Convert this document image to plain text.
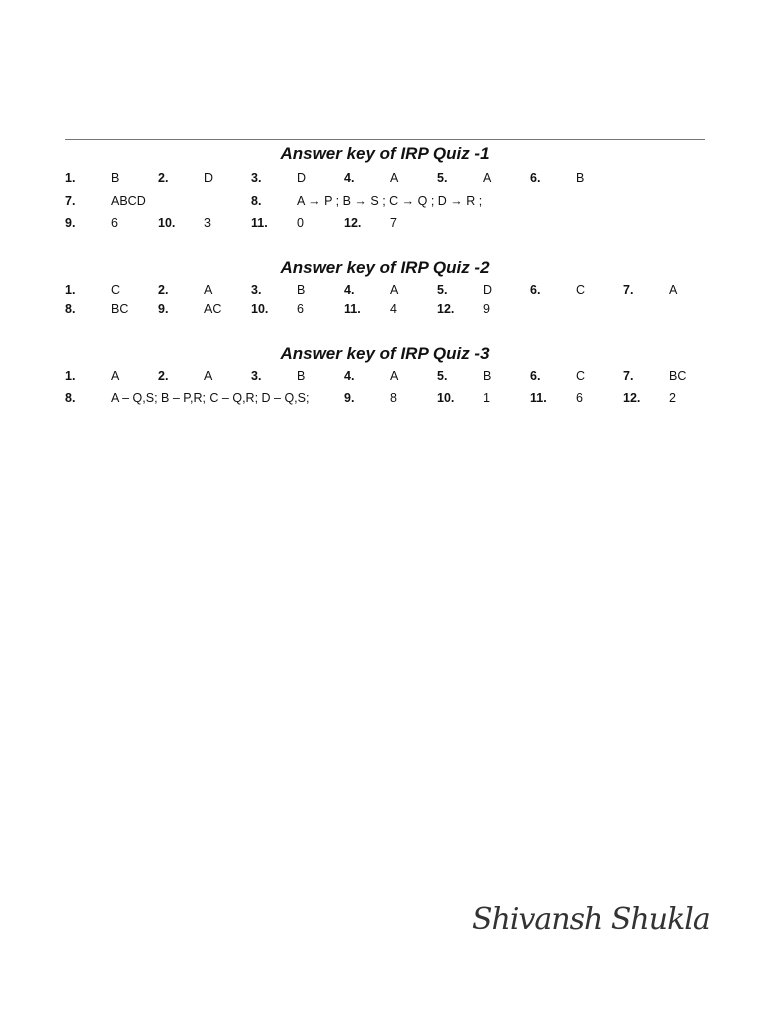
Answer key of IRP Quiz -1
1.	B	2.	D	3.	D	4.	A	5.	A	6.	B
7.	ABCD	8.	A → P ; B → S ; C → Q ; D → R ;
9.	6	10. 3	11. 0	12. 7
Answer key of IRP Quiz -2
1.	C	2.	A	3.	B	4.	A	5.	D	6.	C	7.	A
8.	BC 9.	AC 10. 6	11. 4	12. 9
Answer key of IRP Quiz -3
1.	A	2.	A	3.	B	4.	A	5.	B	6.	C	7.	BC
8.	A – Q,S; B – P,R; C – Q,R; D – Q,S;	9.	8	10. 1	11. 6	12. 2
Shivansh Shukla
